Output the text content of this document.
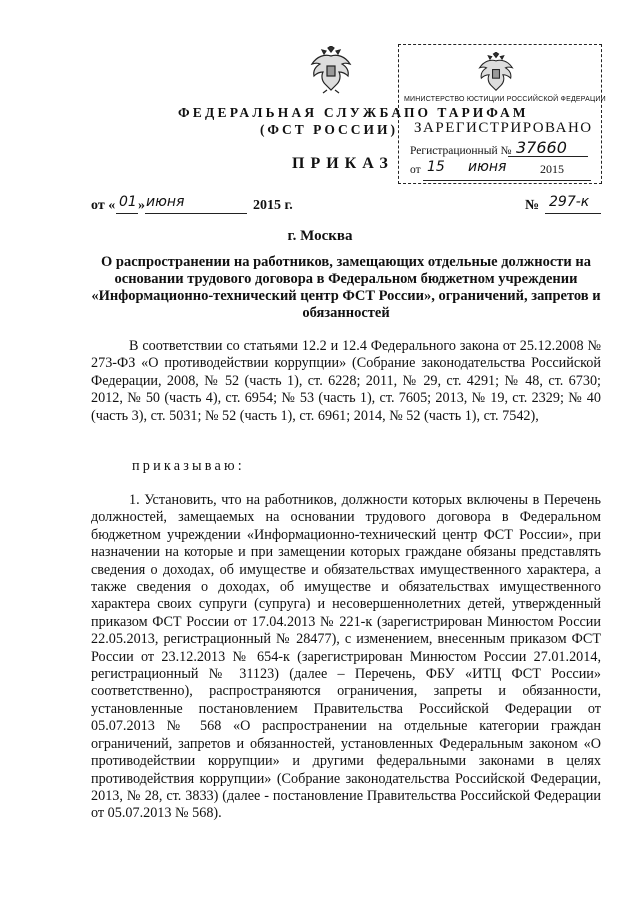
ФЕДЕРАЛЬНАЯ СЛУЖБА ПО ТАРИФАМ
(ФСТ РОССИИ)
МИНИСТЕРСТВО ЮСТИЦИИ РОССИЙСКОЙ ФЕДЕРАЦИИ
ЗАРЕГИСТРИРОВАНО
Регистрационный № 37660
от 15 июня	2015
ПРИКАЗ
от « 01 » июня	2015 г.	№ 297-к
г. Москва
О распространении на работников, замещающих отдельные должности на основании трудового договора в Федеральном бюджетном учреждении «Информационно-технический центр ФСТ России», ограничений, запретов и обязанностей
В соответствии со статьями 12.2 и 12.4 Федерального закона от 25.12.2008 № 273-ФЗ «О противодействии коррупции» (Собрание законодательства Российской Федерации, 2008, № 52 (часть 1), ст. 6228; 2011, № 29, ст. 4291; № 48, ст. 6730; 2012, № 50 (часть 4), ст. 6954; № 53 (часть 1), ст. 7605; 2013, № 19, ст. 2329; № 40 (часть 3), ст. 5031; № 52 (часть 1), ст. 6961; 2014, № 52 (часть 1), ст. 7542),
приказываю:
1. Установить, что на работников, должности которых включены в Перечень должностей, замещаемых на основании трудового договора в Федеральном бюджетном учреждении «Информационно-технический центр ФСТ России», при назначении на которые и при замещении которых граждане обязаны представлять сведения о доходах, об имуществе и обязательствах имущественного характера, а также сведения о доходах, об имуществе и обязательствах имущественного характера своих супруги (супруга) и несовершеннолетних детей, утвержденный приказом ФСТ России от 17.04.2013 № 221-к (зарегистрирован Минюстом России 22.05.2013, регистрационный № 28477), с изменением, внесенным приказом ФСТ России от 23.12.2013 № 654-к (зарегистрирован Минюстом России 27.01.2014, регистрационный № 31123) (далее – Перечень, ФБУ «ИТЦ ФСТ России» соответственно), распространяются ограничения, запреты и обязанности, установленные постановлением Правительства Российской Федерации от 05.07.2013 № 568 «О распространении на отдельные категории граждан ограничений, запретов и обязанностей, установленных Федеральным законом «О противодействии коррупции» и другими федеральными законами в целях противодействия коррупции» (Собрание законодательства Российской Федерации, 2013, № 28, ст. 3833) (далее - постановление Правительства Российской Федерации от 05.07.2013 № 568).
